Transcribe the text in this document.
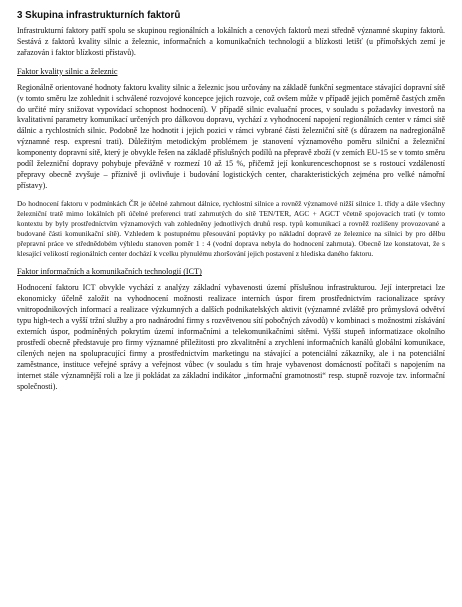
3 Skupina infrastrukturních faktorů

Infrastrukturní faktory patří spolu se skupinou regionálních a lokálních a cenových faktorů mezi středně významné skupiny faktorů. Sestává z faktorů kvality silnic a železnic, informačních a komunikačních technologií a blízkosti letišť (u přímořských zemí je zařazován i faktor blízkosti přístavů).

Faktor kvality silnic a železnic

Regionálně orientované hodnoty faktoru kvality silnic a železnic jsou určovány na základě funkční segmentace stávající dopravní sítě (v tomto směru lze zohlednit i schválené rozvojové koncepce jejich rozvoje, což ovšem může v případě jejich poměrně častých změn do určité míry snižovat vypovídací schopnost hodnocení). V případě silnic evaluační proces, v souladu s požadavky investorů na kvalitativní parametry komunikací určených pro dálkovou dopravu, vychází z vyhodnocení napojení regionálních center v rámci sítě dálnic a rychlostních silnic. Podobně lze hodnotit i jejich pozici v rámci vybrané části železniční sítě (s důrazem na nadregionálně významné resp. expresní trati). Důležitým metodickým problémem je stanovení významového poměru silniční a železniční komponenty dopravní sítě, který je obvykle řešen na základě příslušných podílů na přepravě zboží (v zemích EU-15 se v tomto směru podíl železniční dopravy pohybuje převážně v rozmezí 10 až 15 %, přičemž její konkurenceschopnost se s rostoucí vzdáleností přepravy obecně zvyšuje – příznivě ji ovlivňuje i budování logistických center, charakteristických zejména pro velké námořní přístavy).

Do hodnocení faktoru v podmínkách ČR je účelné zahrnout dálnice, rychlostní silnice a rovněž významové nižší silnice 1. třídy a dále všechny železniční tratě mimo lokálních při účelné preferenci tratí zahrnutých do sítě TEN/TER, AGC + AGCT včetně spojovacích tratí (v tomto kontextu by byly prostředníctvím významových vah zohledněny jednotlivých druhů resp. typů komunikací a rovněž rozlišeny provozované a budované části komunikační sítě). Vzhledem k postupnému přesouvání poptávky po nákladní dopravě ze železnice na silnici by pro dělbu přepravní práce ve střednědobém výhledu stanoven poměr 1 : 4 (vodní doprava nebyla do hodnocení zahrnuta). Obecně lze konstatovat, že s klesající velikostí regionálních center dochází k vcelku plynulému zhoršování jejich postavení z hlediska daného faktoru.

Faktor informačních a komunikačních technologií (ICT)

Hodnocení faktoru ICT obvykle vychází z analýzy základní vybavenosti území příslušnou infrastrukturou. Její interpretaci lze ekonomicky účelně založit na vyhodnocení možnosti realizace interních úspor firem prostřednictvím racionalizace správy vnitropodnikových informací a realizace výzkumných a dalších podnikatelských aktivit (významné zvláště pro průmyslová odvětví typu high-tech a vyšší tržní služby a pro nadnárodní firmy s rozvětvenou sítí pobočných závodů) v kombinaci s možnostmi získávání externích úspor, podmíněných pokrytím území informačními a telekomunikačními sítěmi. Vyšší stupeň informatizace okolního prostředí obecně představuje pro firmy významné příležitosti pro zkvalitnění a zrychlení informačních kanálů globální komunikace, cílených nejen na spolupracující firmy a prostřednictvím marketingu na stávající a potenciální zákazníky, ale i na potenciální zaměstnance, instituce veřejné správy a veřejnost vůbec (v souladu s tím hraje vybavenost domácností počítači s napojením na internet stále významnější roli a lze ji pokládat za základní indikátor „informační gramotnosti“ resp. stupně rozvoje tzv. informační společnosti).
